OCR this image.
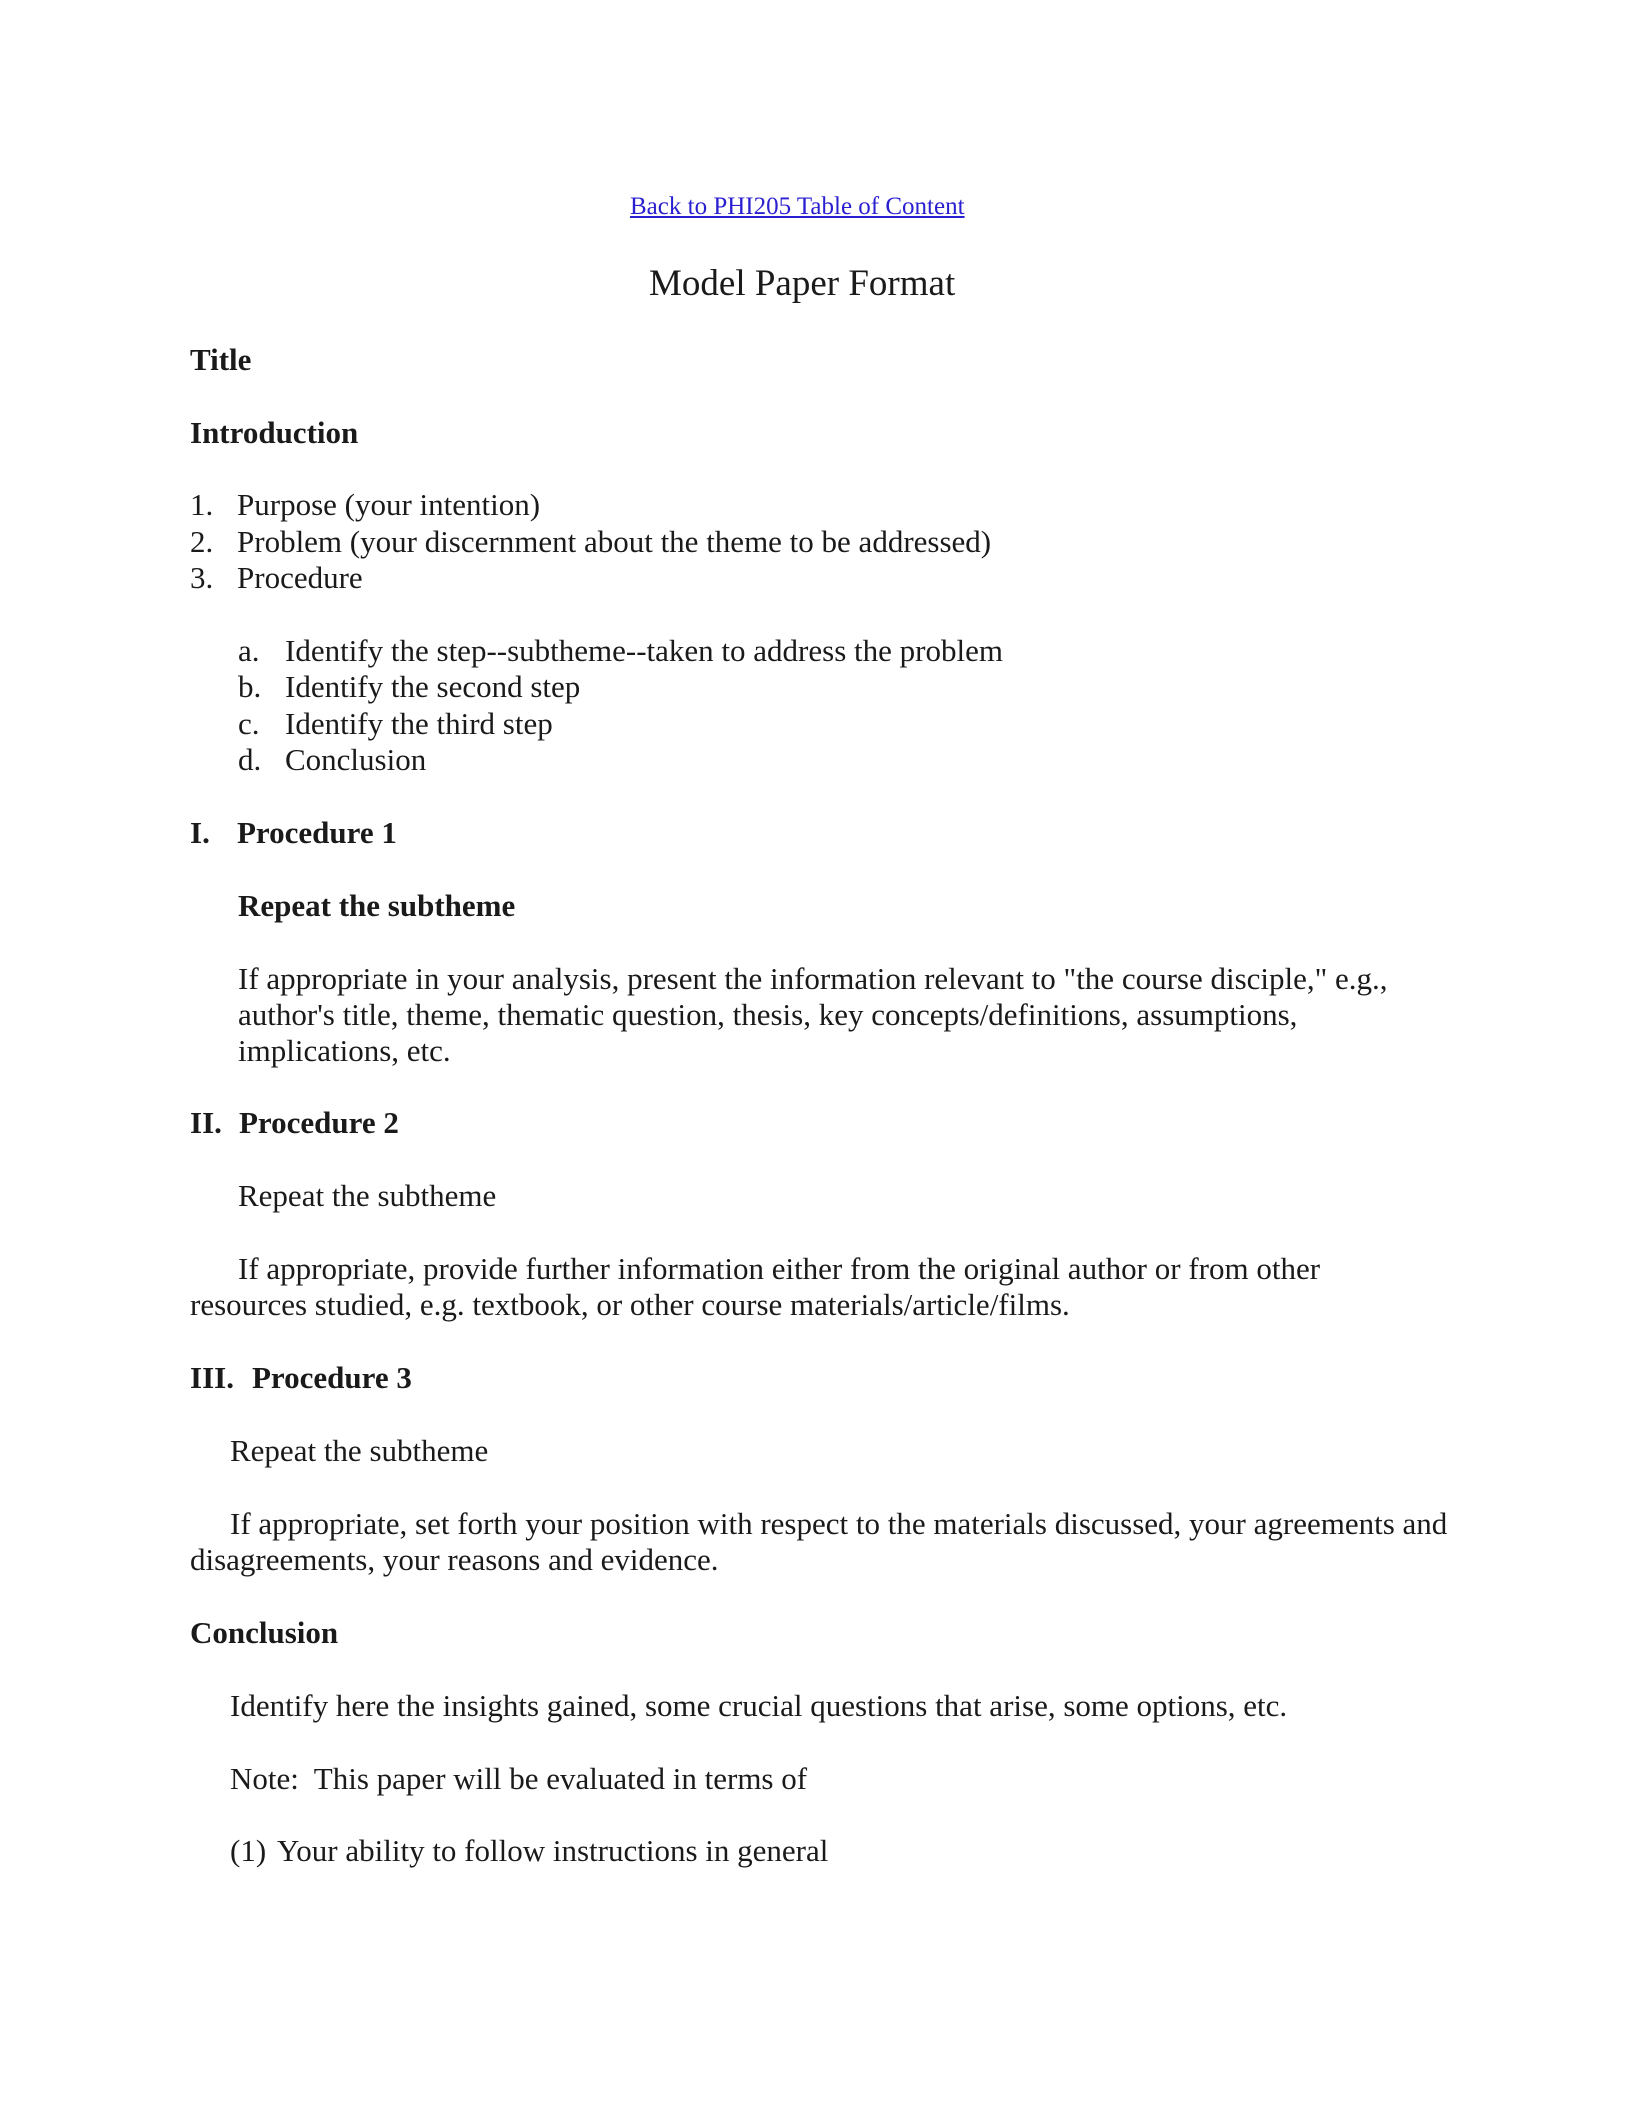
Back to PHI205 Table of Content
Model Paper Format
Title
Introduction
1. Purpose (your intention)
2. Problem (your discernment about the theme to be addressed)
3. Procedure
a. Identify the step--subtheme--taken to address the problem
b. Identify the second step
c. Identify the third step
d. Conclusion
I. Procedure 1
Repeat the subtheme
If appropriate in your analysis, present the information relevant to "the course disciple," e.g., author's title, theme, thematic question, thesis, key concepts/definitions, assumptions, implications, etc.
II. Procedure 2
Repeat the subtheme
If appropriate, provide further information either from the original author or from other resources studied, e.g. textbook, or other course materials/article/films.
III. Procedure 3
Repeat the subtheme
If appropriate, set forth your position with respect to the materials discussed, your agreements and disagreements, your reasons and evidence.
Conclusion
Identify here the insights gained, some crucial questions that arise, some options, etc.
Note:  This paper will be evaluated in terms of
(1) Your ability to follow instructions in general
